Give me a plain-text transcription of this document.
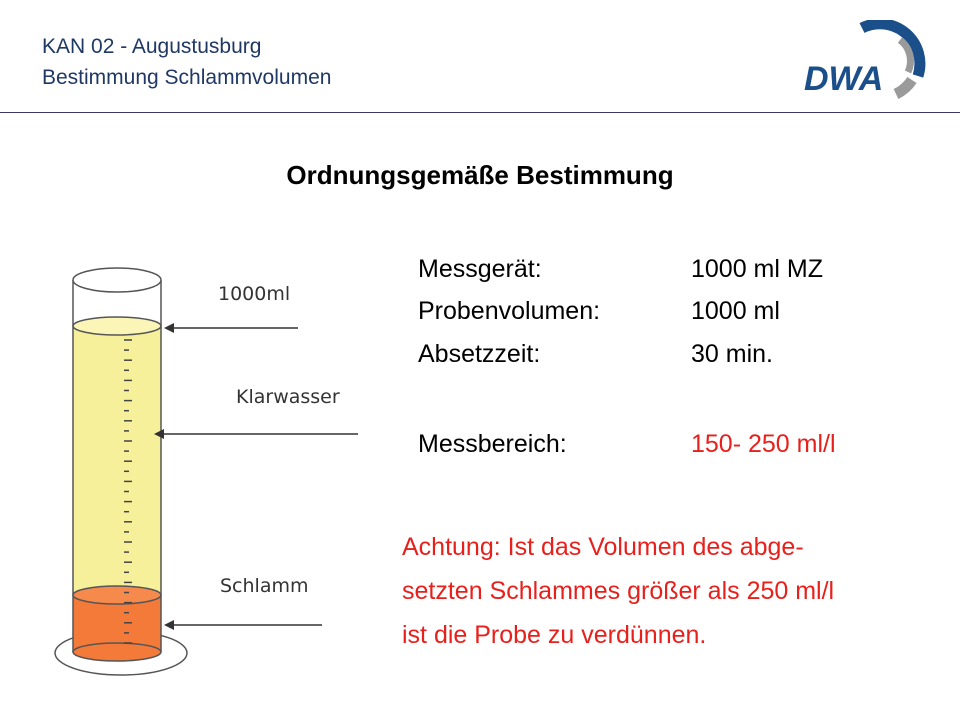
KAN 02 - Augustusburg
Bestimmung Schlammvolumen	DWA
Ordnungsgemäße Bestimmung
Messgerät:	1000 ml MZ
Probenvolumen:	1000 ml
Absetzzeit:	30 min.
Messbereich:	150- 250 ml/l
Achtung: Ist das Volumen des abge-
setzten Schlammes größer als 250 ml/l
ist die Probe zu verdünnen.
1000ml
Klarwasser
Schlamm
